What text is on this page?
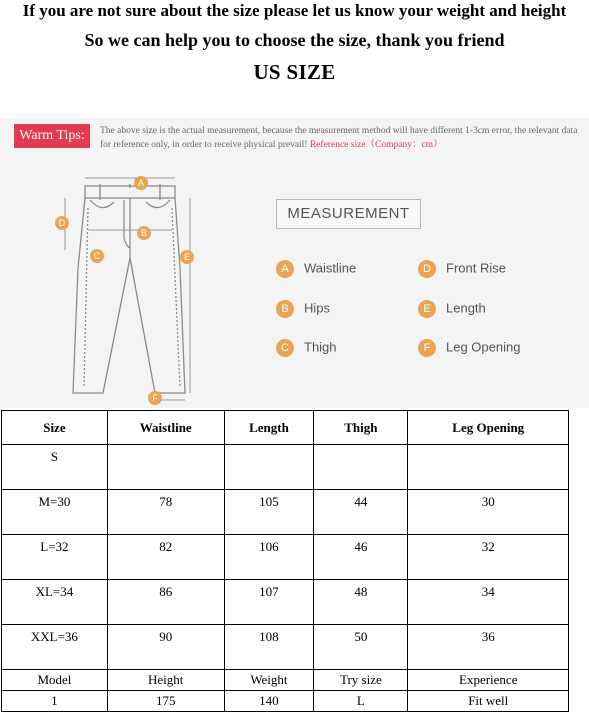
If you are not sure about the size please let us know your weight and height
So we can help you to choose the size, thank you friend
US SIZE
Warm Tips:	The above size is the actual measurement, because the measurement method will have different 1-3cm error, the relevant data for reference only, in order to receive physical prevail! Reference size（Company：cm）
A
B
C
D
E
F
MEASUREMENT
A Waistline
B Hips
C Thigh
D Front Rise
E Length
F Leg Opening
Size	Waistline	Length	Thigh	Leg Opening
S				
M=30	78	105	44	30
L=32	82	106	46	32
XL=34	86	107	48	34
XXL=36	90	108	50	36
Model	Height	Weight	Try size	Experience
1	175	140	L	Fit well
